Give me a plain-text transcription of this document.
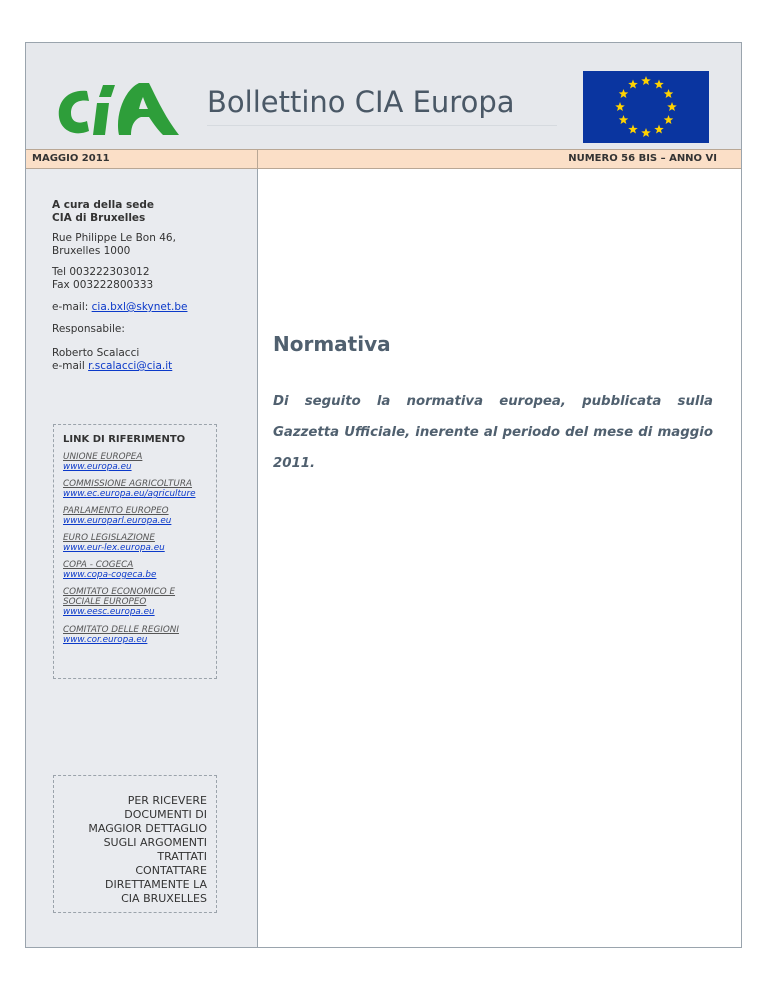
Bollettino CIA Europa
MAGGIO 2011	NUMERO 56 BIS – ANNO VI
A cura della sede
CIA di Bruxelles
Rue Philippe Le Bon 46,
Bruxelles 1000
Tel 003222303012
Fax 003222800333
e-mail: cia.bxl@skynet.be
Responsabile:
Roberto Scalacci
e-mail r.scalacci@cia.it
LINK DI RIFERIMENTO
UNIONE EUROPEA
www.europa.eu
COMMISSIONE AGRICOLTURA
www.ec.europa.eu/agriculture
PARLAMENTO EUROPEO
www.europarl.europa.eu
EURO LEGISLAZIONE
www.eur-lex.europa.eu
COPA - COGECA
www.copa-cogeca.be
COMITATO ECONOMICO E
SOCIALE EUROPEO
www.eesc.europa.eu
COMITATO DELLE REGIONI
www.cor.europa.eu
PER RICEVERE
DOCUMENTI DI
MAGGIOR DETTAGLIO
SUGLI ARGOMENTI
TRATTATI
CONTATTARE
DIRETTAMENTE LA
CIA BRUXELLES
Normativa
Di seguito la normativa europea, pubblicata sulla Gazzetta Ufficiale, inerente al periodo del mese di maggio 2011.
